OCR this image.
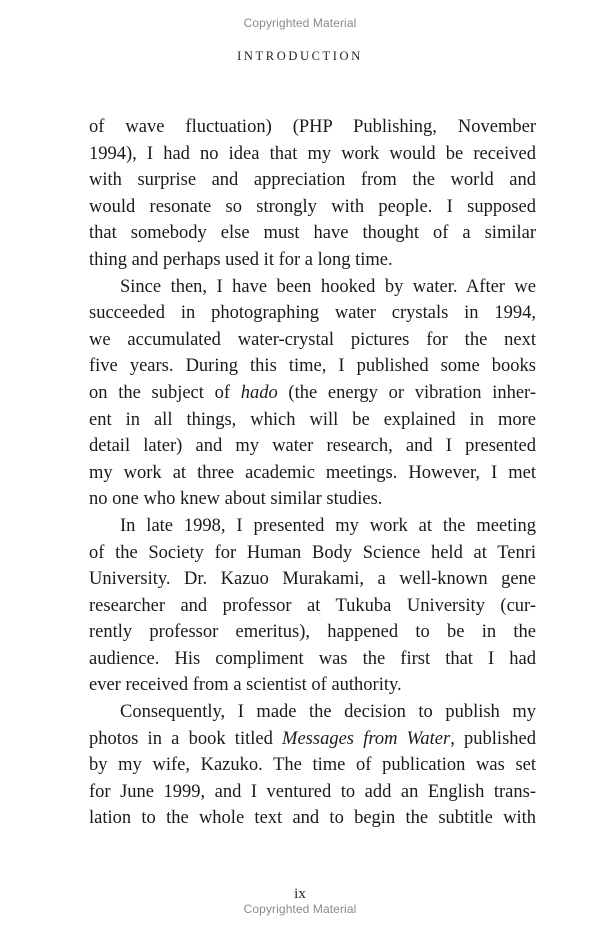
Copyrighted Material
INTRODUCTION
of wave fluctuation) (PHP Publishing, November
1994), I had no idea that my work would be received
with surprise and appreciation from the world and
would resonate so strongly with people. I supposed
that somebody else must have thought of a similar
thing and perhaps used it for a long time.
Since then, I have been hooked by water. After we
succeeded in photographing water crystals in 1994,
we accumulated water-crystal pictures for the next
five years. During this time, I published some books
on the subject of hado (the energy or vibration inher-
ent in all things, which will be explained in more
detail later) and my water research, and I presented
my work at three academic meetings. However, I met
no one who knew about similar studies.
In late 1998, I presented my work at the meeting
of the Society for Human Body Science held at Tenri
University. Dr. Kazuo Murakami, a well-known gene
researcher and professor at Tukuba University (cur-
rently professor emeritus), happened to be in the
audience. His compliment was the first that I had
ever received from a scientist of authority.
Consequently, I made the decision to publish my
photos in a book titled Messages from Water, published
by my wife, Kazuko. The time of publication was set
for June 1999, and I ventured to add an English trans-
lation to the whole text and to begin the subtitle with
ix
Copyrighted Material
